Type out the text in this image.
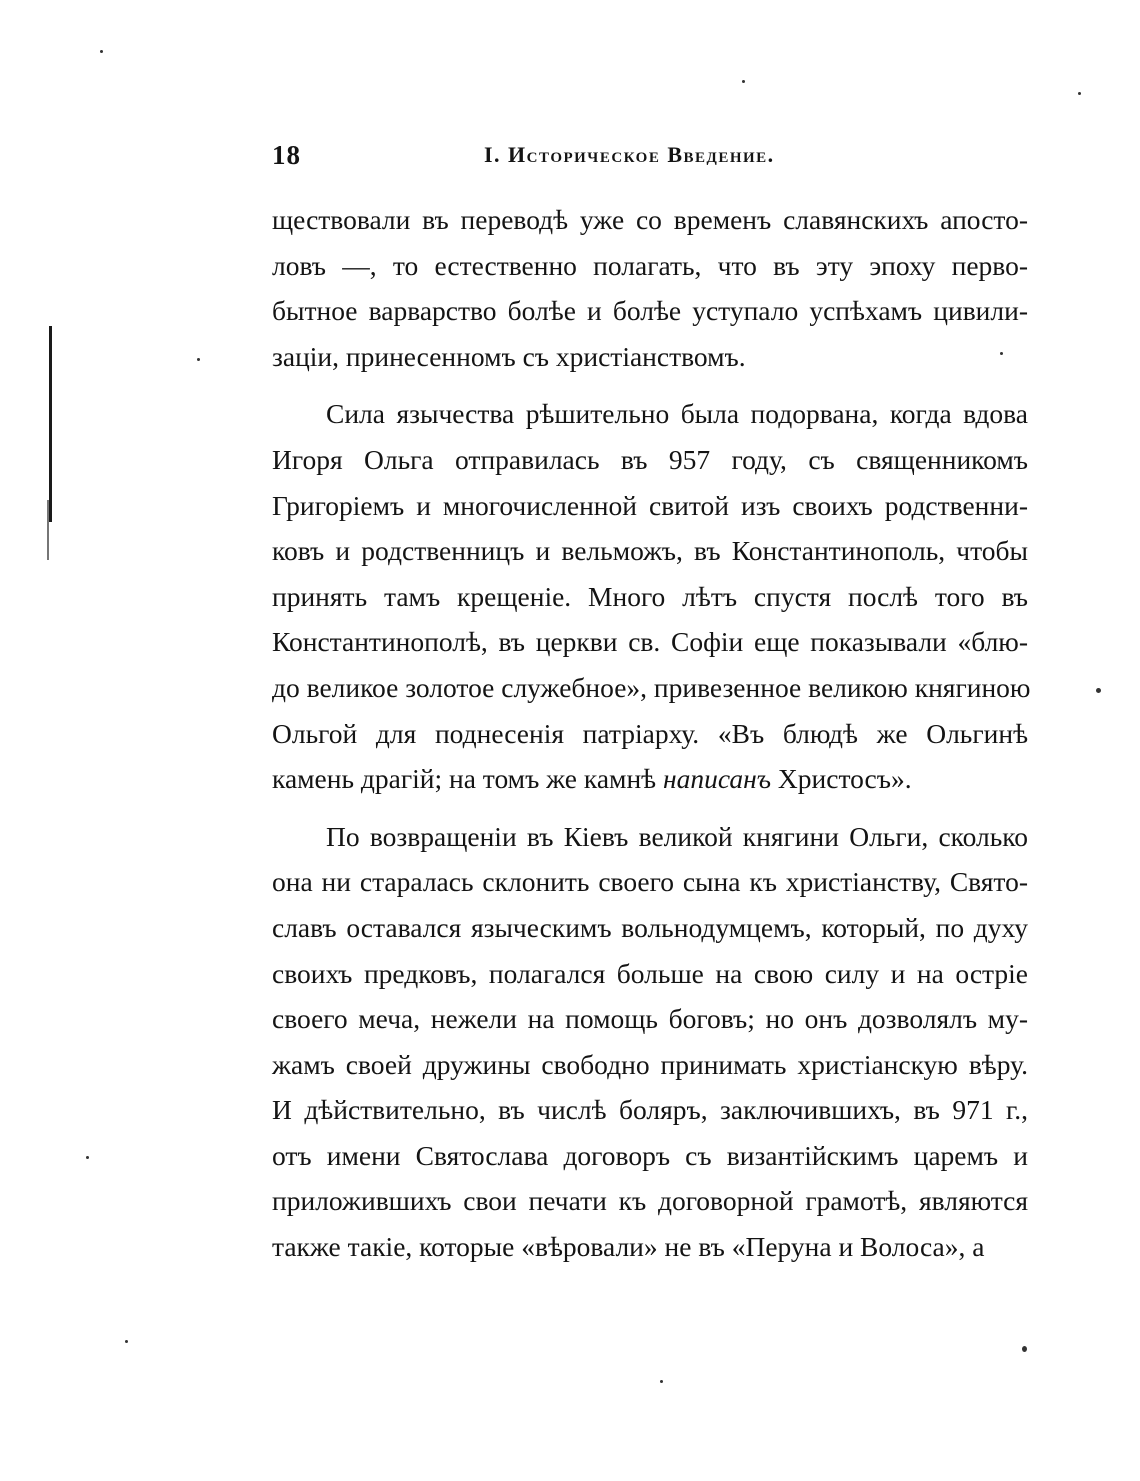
18	I. Историческое Введение.
ществовали въ переводѣ уже со временъ славянскихъ апосто-
ловъ —, то естественно полагать, что въ эту эпоху перво-
бытное варварство болѣе и болѣе уступало успѣхамъ цивили-
заціи, принесенномъ съ христіанствомъ.
Сила язычества рѣшительно была подорвана, когда вдова
Игоря Ольга отправилась въ 957 году, съ священникомъ
Григоріемъ и многочисленной свитой изъ своихъ родственни-
ковъ и родственницъ и вельможъ, въ Константинополь, чтобы
принять тамъ крещеніе. Много лѣтъ спустя послѣ того въ
Константинополѣ, въ церкви св. Софіи еще показывали «блю-
до великое золотое служебное», привезенное великою княгиною
Ольгой для поднесенія патріарху. «Въ блюдѣ же Ольгинѣ
камень драгій; на томъ же камнѣ написанъ Христосъ».
По возвращеніи въ Кіевъ великой княгини Ольги, сколько
она ни старалась склонить своего сына къ христіанству, Свято-
славъ оставался языческимъ вольнодумцемъ, который, по духу
своихъ предковъ, полагался больше на свою силу и на остріе
своего меча, нежели на помощь боговъ; но онъ дозволялъ му-
жамъ своей дружины свободно принимать христіанскую вѣру.
И дѣйствительно, въ числѣ боляръ, заключившихъ, въ 971 г.,
отъ имени Святослава договоръ съ византійскимъ царемъ и
приложившихъ свои печати къ договорной грамотѣ, являются
также такіе, которые «вѣровали» не въ «Перуна и Волоса», а
